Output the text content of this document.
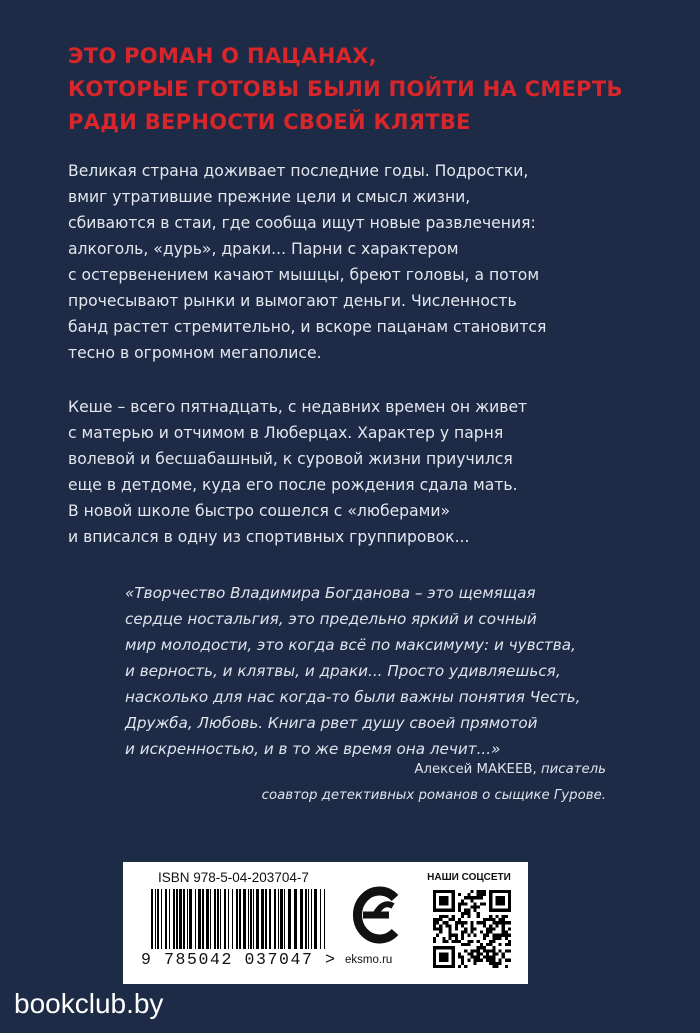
ЭТО РОМАН О ПАЦАНАХ,
КОТОРЫЕ ГОТОВЫ БЫЛИ ПОЙТИ НА СМЕРТЬ
РАДИ ВЕРНОСТИ СВОЕЙ КЛЯТВЕ
Великая страна доживает последние годы. Подростки,
вмиг утратившие прежние цели и смысл жизни,
сбиваются в стаи, где сообща ищут новые развлечения:
алкоголь, «дурь», драки... Парни с характером
с остервенением качают мышцы, бреют головы, а потом
прочесывают рынки и вымогают деньги. Численность
банд растет стремительно, и вскоре пацанам становится
тесно в огромном мегаполисе.
Кеше – всего пятнадцать, с недавних времен он живет
с матерью и отчимом в Люберцах. Характер у парня
волевой и бесшабашный, к суровой жизни приучился
еще в детдоме, куда его после рождения сдала мать.
В новой школе быстро сошелся с «люберами»
и вписался в одну из спортивных группировок...
«Творчество Владимира Богданова – это щемящая
сердце ностальгия, это предельно яркий и сочный
мир молодости, это когда всё по максимуму: и чувства,
и верность, и клятвы, и драки... Просто удивляешься,
насколько для нас когда-то были важны понятия Честь,
Дружба, Любовь. Книга рвет душу своей прямотой
и искренностью, и в то же время она лечит...»
Алексей МАКЕЕВ, писатель
соавтор детективных романов о сыщике Гурове.
ISBN 978-5-04-203704-7
9 785042 037047 > eksmo.ru
НАШИ СОЦСЕТИ
bookclub.by
